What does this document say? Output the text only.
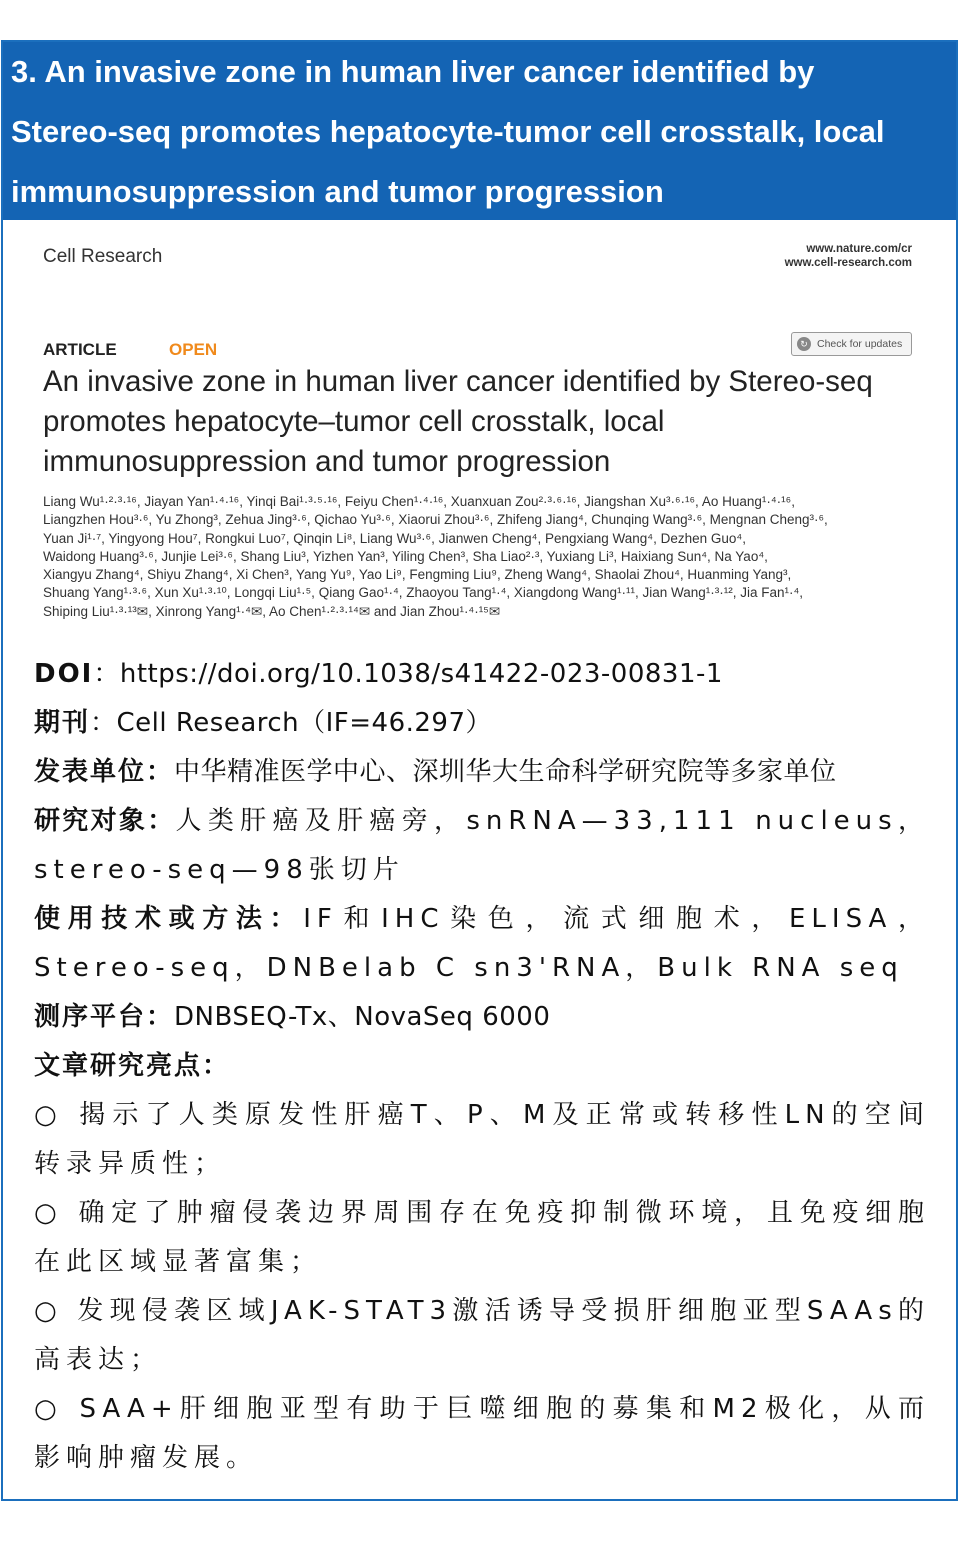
3. An invasive zone in human liver cancer identified by
Stereo-seq promotes hepatocyte-tumor cell crosstalk, local
immunosuppression and tumor progression
Cell Research	www.nature.com/cr
www.cell-research.com
ARTICLE	OPEN	↻ Check for updates
An invasive zone in human liver cancer identified by Stereo-seq
promotes hepatocyte–tumor cell crosstalk, local
immunosuppression and tumor progression
Liang Wu¹·²·³·¹⁶, Jiayan Yan¹·⁴·¹⁶, Yinqi Bai¹·³·⁵·¹⁶, Feiyu Chen¹·⁴·¹⁶, Xuanxuan Zou²·³·⁶·¹⁶, Jiangshan Xu³·⁶·¹⁶, Ao Huang¹·⁴·¹⁶,
Liangzhen Hou³·⁶, Yu Zhong³, Zehua Jing³·⁶, Qichao Yu³·⁶, Xiaorui Zhou³·⁶, Zhifeng Jiang⁴, Chunqing Wang³·⁶, Mengnan Cheng³·⁶,
Yuan Ji¹·⁷, Yingyong Hou⁷, Rongkui Luo⁷, Qinqin Li⁸, Liang Wu³·⁶, Jianwen Cheng⁴, Pengxiang Wang⁴, Dezhen Guo⁴,
Waidong Huang³·⁶, Junjie Lei³·⁶, Shang Liu³, Yizhen Yan³, Yiling Chen³, Sha Liao²·³, Yuxiang Li³, Haixiang Sun⁴, Na Yao⁴,
Xiangyu Zhang⁴, Shiyu Zhang⁴, Xi Chen³, Yang Yu⁹, Yao Li⁹, Fengming Liu⁹, Zheng Wang⁴, Shaolai Zhou⁴, Huanming Yang³,
Shuang Yang¹·³·⁶, Xun Xu¹·³·¹⁰, Longqi Liu¹·⁵, Qiang Gao¹·⁴, Zhaoyou Tang¹·⁴, Xiangdong Wang¹·¹¹, Jian Wang¹·³·¹², Jia Fan¹·⁴,
Shiping Liu¹·³·¹³✉, Xinrong Yang¹·⁴✉, Ao Chen¹·²·³·¹⁴✉ and Jian Zhou¹·⁴·¹⁵✉

DOI：https://doi.org/10.1038/s41422-023-00831-1

期刊：Cell Research（IF=46.297）

发表单位：中华精准医学中心、深圳华大生命科学研究院等多家单位

研究对象：人类肝癌及肝癌旁，snRNA—33,111 nucleus，stereo-seq—98张切片

使用技术或方法：IF和IHC染色，流式细胞术，ELISA，Stereo-seq，DNBelab C sn3'RNA，Bulk RNA seq

测序平台：DNBSEQ-Tx、NovaSeq 6000

文章研究亮点：

○ 揭示了人类原发性肝癌T、P、M及正常或转移性LN的空间转录异质性；

○ 确定了肿瘤侵袭边界周围存在免疫抑制微环境，且免疫细胞在此区域显著富集；

○ 发现侵袭区域JAK-STAT3激活诱导受损肝细胞亚型SAAs的高表达；

○ SAA+肝细胞亚型有助于巨噬细胞的募集和M2极化，从而影响肿瘤发展。
